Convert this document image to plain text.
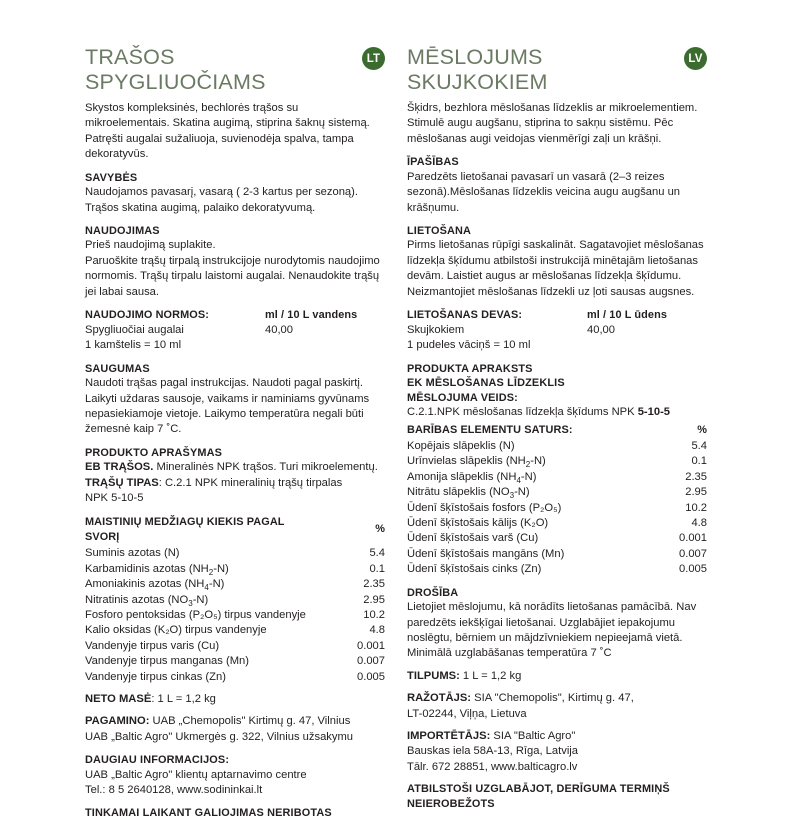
TRAŠOS SPYGLIUOČIAMS
LT

Skystos kompleksinės, bechlorės trąšos su mikroelementais. Skatina augimą, stiprina šaknų sistemą. Patręšti augalai sužaliuoja, suvienodėja spalva, tampa dekoratyvūs.

SAVYBĖS

Naudojamos pavasarį, vasarą ( 2-3 kartus per sezoną). Trąšos skatina augimą, palaiko dekoratyvumą.

NAUDOJIMAS

Prieš naudojimą suplakite.

Paruoškite trąšų tirpalą instrukcijoje nurodytomis naudojimo normomis. Trąšų tirpalu laistomi augalai. Nenaudokite trąšų jei labai sausa.

NAUDOJIMO NORMOS:	ml / 10 L vandens
Spygliuočiai augalai	40,00
1 kamštelis = 10 ml	

SAUGUMAS

Naudoti trąšas pagal instrukcijas. Naudoti pagal paskirtį. Laikyti uždaras sausoje, vaikams ir naminiams gyvūnams nepasiekiamoje vietoje. Laikymo temperatūra negali būti žemesnė kaip 7 ˚C.

PRODUKTO APRAŠYMAS

EB TRĄŠOS. Mineralinės NPK trąšos. Turi mikroelementų.

TRĄŠŲ TIPAS: C.2.1 NPK mineralinių trąšų tirpalas

NPK 5-10-5

MAISTINIŲ MEDŽIAGŲ KIEKIS PAGAL SVORĮ	%
Suminis azotas (N)	5.4
Karbamidinis azotas $(NH_2-N)$	0.1
Amoniakinis azotas $(NH_4-N)$	2.35
Nitratinis azotas $(NO_3-N)$	2.95
Fosforo pentoksidas (P₂O₅) tirpus vandenyje	10.2
Kalio oksidas (K₂O) tirpus vandenyje	4.8
Vandenyje tirpus varis (Cu)	0.001
Vandenyje tirpus manganas (Mn)	0.007
Vandenyje tirpus cinkas (Zn)	0.005

NETO MASĖ: 1 L = 1,2 kg

PAGAMINO: UAB „Chemopolis" Kirtimų g. 47, Vilnius

UAB „Baltic Agro" Ukmergės g. 322, Vilnius užsakymu

DAUGIAU INFORMACIJOS:

UAB „Baltic Agro" klientų aptarnavimo centre

Tel.: 8 5 2640128, www.sodininkai.lt

TINKAMAI LAIKANT GALIOJIMAS NERIBOTAS

MĒSLOJUMS SKUJKOKIEM
LV

Šķidrs, bezhlora mēslošanas līdzeklis ar mikroelementiem. Stimulē augu augšanu, stiprina to sakņu sistēmu. Pēc mēslošanas augi veidojas vienmērīgi zaļi un krāšņi.

ĪPAŠĪBAS

Paredzēts lietošanai pavasarī un vasarā (2–3 reizes sezonā).Mēslošanas līdzeklis veicina augu augšanu un krāšņumu.

LIETOŠANA

Pirms lietošanas rūpīgi saskalināt. Sagatavojiet mēslošanas līdzekļa šķīdumu atbilstoši instrukcijā minētajām lietošanas devām. Laistiet augus ar mēslošanas līdzekļa šķīdumu. Neizmantojiet mēslošanas līdzekli uz ļoti sausas augsnes.

LIETOŠANAS DEVAS:	ml / 10 L ūdens
Skujkokiem	40,00
1 pudeles vāciņš = 10 ml	

PRODUKTA APRAKSTS

EK MĒSLOŠANAS LĪDZEKLIS

MĒSLOJUMA VEIDS:

C.2.1.NPK mēslošanas līdzekļa šķīdums NPK 5-10-5

BARĪBAS ELEMENTU SATURS:	%
Kopējais slāpeklis (N)	5.4
Urīnvielas slāpeklis $(NH_2-N)$	0.1
Amonija slāpeklis $(NH_4-N)$	2.35
Nitrātu slāpeklis $(NO_3-N)$	2.95
Ūdenī šķīstošais fosfors (P₂O₅)	10.2
Ūdenī šķīstošais kālijs (K₂O)	4.8
Ūdenī šķīstošais varš (Cu)	0.001
Ūdenī šķīstošais mangāns (Mn)	0.007
Ūdenī šķīstošais cinks (Zn)	0.005

DROŠĪBA

Lietojiet mēslojumu, kā norādīts lietošanas pamācībā. Nav paredzēts iekšķīgai lietošanai. Uzglabājiet iepakojumu noslēgtu, bērniem un mājdzīvniekiem nepieejamā vietā. Minimālā uzglabāšanas temperatūra 7 ˚C

TILPUMS: 1 L = 1,2 kg

RAŽOTĀJS: SIA "Chemopolis", Kirtimų g. 47,

LT-02244, Viļņa, Lietuva

IMPORTĒTĀJS: SIA "Baltic Agro"

Bauskas iela 58A-13, Rīga, Latvija

Tālr. 672 28851, www.balticagro.lv

ATBILSTOŠI UZGLABĀJOT, DERĪGUMA TERMIŅŠ NEIEROBEŽOTS
